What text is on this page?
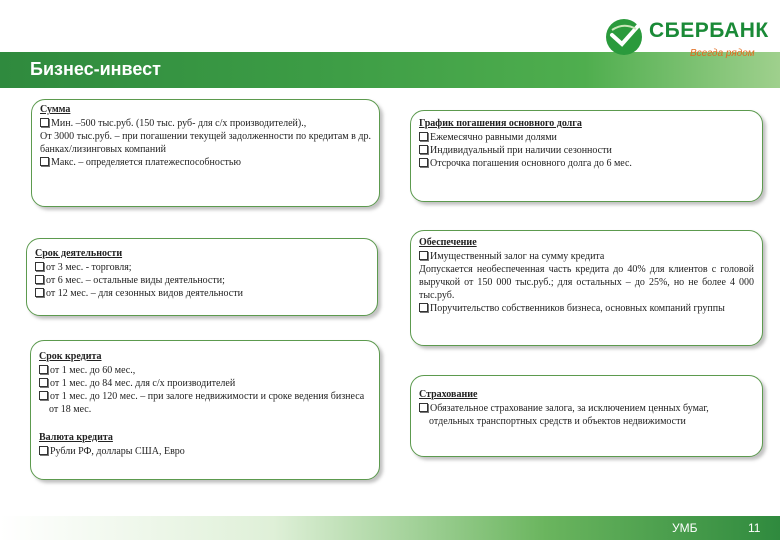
Бизнес-инвест
СБЕРБАНК
Всегда рядом
Сумма

Мин. –500 тыс.руб. (150 тыс. руб- для с/х производителей).,

От 3000 тыс.руб. – при погашении текущей задолженности по кредитам в др. банках/лизинговых компаний

Макс. – определяется платежеспособностью

График погашения основного долга

Ежемесячно равными долями

Индивидуальный при наличии сезонности

Отсрочка погашения основного долга до 6 мес.

Срок деятельности

от 3 мес. - торговля;

от 6 мес. – остальные виды деятельности;

от 12 мес. – для сезонных видов деятельности

Обеспечение

Имущественный залог на сумму кредита

Допускается необеспеченная часть кредита до 40% для клиентов с головой выручкой от 150 000 тыс.руб.; для остальных – до 25%, но не более 4 000 тыс.руб.

Поручительство собственников бизнеса, основных компаний группы

Срок кредита

от 1 мес. до 60 мес.,

от 1 мес. до 84 мес. для с/х производителей

от 1 мес. до 120 мес. – при залоге недвижимости и сроке ведения бизнеса от 18 мес.

Валюта кредита

Рубли РФ, доллары США, Евро

Страхование

Обязательное страхование залога, за исключением ценных бумаг, отдельных транспортных средств и объектов недвижимости

УМБ	11
